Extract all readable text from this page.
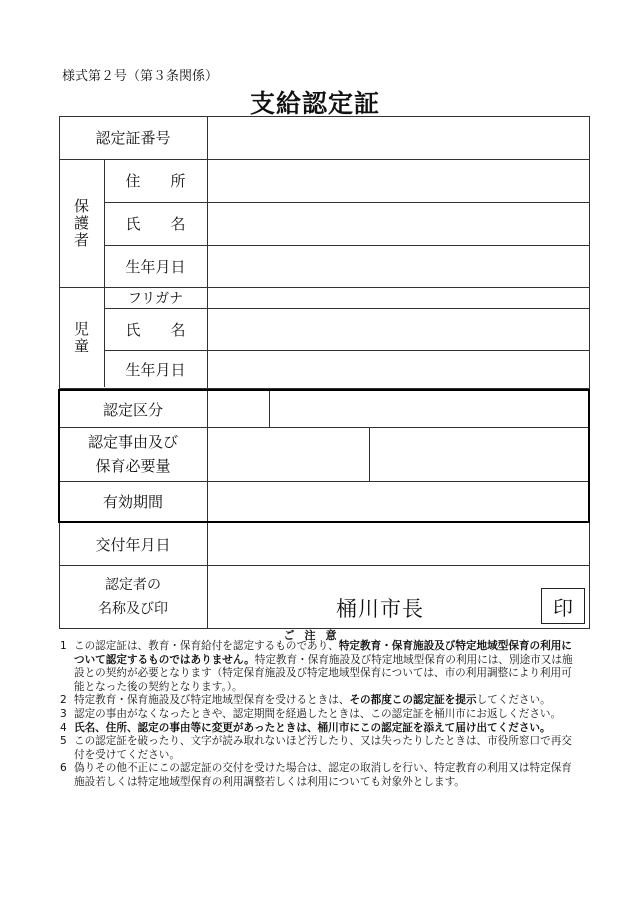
様式第２号（第３条関係）
支給認定証
認定証番号
保護者
住　　所
氏　　名
生年月日
児童
フリガナ
氏　　名
生年月日
認定区分
認定事由及び
保育必要量
有効期間
交付年月日
認定者の
名称及び印	桶川市長	印
ご注意
1 この認定証は、教育・保育給付を認定するものであり、特定教育・保育施設及び特定地域型保育の利用について認定するものではありません。特定教育・保育施設及び特定地域型保育の利用には、別途市又は施設との契約が必要となります（特定保育施設及び特定地域型保育については、市の利用調整により利用可能となった後の契約となります。）。
2 特定教育・保育施設及び特定地域型保育を受けるときは、その都度この認定証を提示してください。
3 認定の事由がなくなったときや、認定期間を経過したときは、この認定証を桶川市にお返しください。
4 氏名、住所、認定の事由等に変更があったときは、桶川市にこの認定証を添えて届け出てください。
5 この認定証を破ったり、文字が読み取れないほど汚したり、又は失ったりしたときは、市役所窓口で再交付を受けてください。
6 偽りその他不正にこの認定証の交付を受けた場合は、認定の取消しを行い、特定教育の利用又は特定保育施設若しくは特定地域型保育の利用調整若しくは利用についても対象外とします。
